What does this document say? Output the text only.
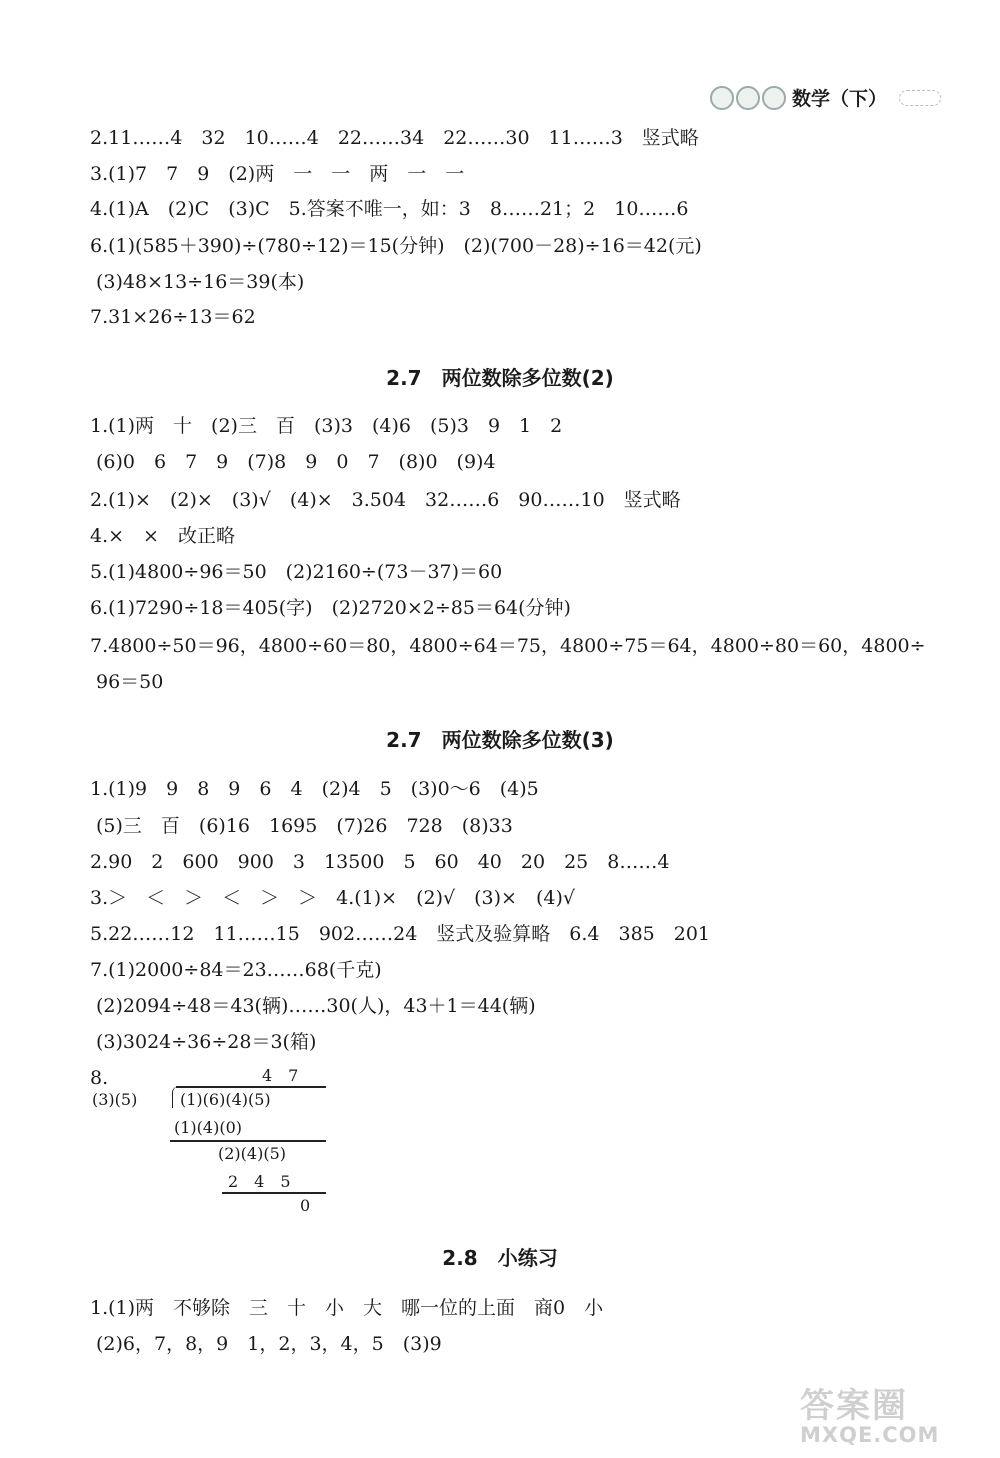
数学（下）
2.11……4　32　10……4　22……34　22……30　11……3　竖式略
3.(1)7　7　9　(2)两　一　一　两　一　一
4.(1)A　(2)C　(3)C　5.答案不唯一，如：3　8……21；2　10……6
6.(1)(585＋390)÷(780÷12)＝15(分钟)　(2)(700－28)÷16＝42(元)
(3)48×13÷16＝39(本)
7.31×26÷13＝62
2.7　两位数除多位数(2)
1.(1)两　十　(2)三　百　(3)3　(4)6　(5)3　9　1　2
(6)0　6　7　9　(7)8　9　0　7　(8)0　(9)4
2.(1)×　(2)×　(3)√　(4)×　3.504　32……6　90……10　竖式略
4.×　×　改正略
5.(1)4800÷96＝50　(2)2160÷(73－37)＝60
6.(1)7290÷18＝405(字)　(2)2720×2÷85＝64(分钟)
7.4800÷50＝96，4800÷60＝80，4800÷64＝75，4800÷75＝64，4800÷80＝60，4800÷
96＝50
2.7　两位数除多位数(3)
1.(1)9　9　8　9　6　4　(2)4　5　(3)0～6　(4)5
(5)三　百　(6)16　1695　(7)26　728　(8)33
2.90　2　600　900　3　13500　5　60　40　20　25　8……4
3.＞　＜　＞　＜　＞　＞　4.(1)×　(2)√　(3)×　(4)√
5.22……12　11……15　902……24　竖式及验算略　6.4　385　201
7.(1)2000÷84＝23……68(千克)
(2)2094÷48＝43(辆)……30(人)，43＋1＝44(辆)
(3)3024÷36÷28＝3(箱)
8.	4　7
(3)(5)	(1)(6)(4)(5)
(1)(4)(0)
(2)(4)(5)
2　4　5
0
2.8　小练习
1.(1)两　不够除　三　十　小　大　哪一位的上面　商0　小
(2)6，7，8，9　1，2，3，4，5　(3)9
答案圈
MXQE.COM
